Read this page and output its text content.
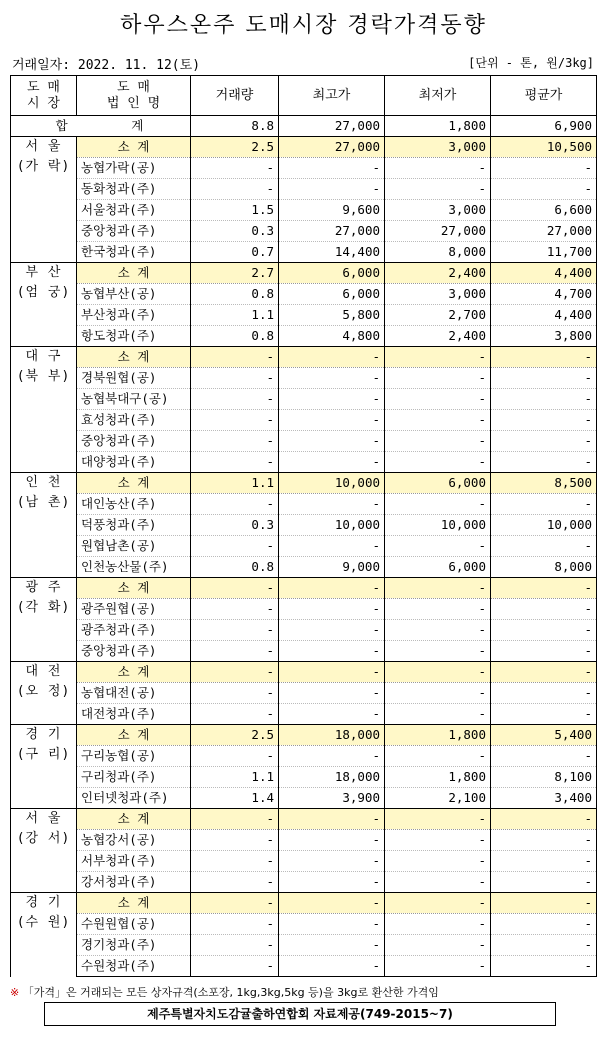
하우스온주 도매시장 경락가격동향
거래일자: 2022. 11. 12(토)	[단위 - 톤, 원/3kg]
도 매
시 장	도 매
법 인 명	거래량	최고가	최저가	평균가
합 계		8.8	27,000	1,800	6,900
서 울
(가 락)	소 계	2.5	27,000	3,000	10,500
	농협가락(공)	-	-	-	-
	동화청과(주)	-	-	-	-
	서울청과(주)	1.5	9,600	3,000	6,600
	중앙청과(주)	0.3	27,000	27,000	27,000
	한국청과(주)	0.7	14,400	8,000	11,700
부 산
(엄 궁)	소 계	2.7	6,000	2,400	4,400
	농협부산(공)	0.8	6,000	3,000	4,700
	부산청과(주)	1.1	5,800	2,700	4,400
	항도청과(주)	0.8	4,800	2,400	3,800
대 구
(북 부)	소 계	-	-	-	-
	경북원협(공)	-	-	-	-
	농협북대구(공)	-	-	-	-
	효성청과(주)	-	-	-	-
	중앙청과(주)	-	-	-	-
	대양청과(주)	-	-	-	-
인 천
(남 촌)	소 계	1.1	10,000	6,000	8,500
	대인농산(주)	-	-	-	-
	덕풍청과(주)	0.3	10,000	10,000	10,000
	원협남촌(공)	-	-	-	-
	인천농산물(주)	0.8	9,000	6,000	8,000
광 주
(각 화)	소 계	-	-	-	-
	광주원협(공)	-	-	-	-
	광주청과(주)	-	-	-	-
	중앙청과(주)	-	-	-	-
대 전
(오 정)	소 계	-	-	-	-
	농협대전(공)	-	-	-	-
	대전청과(주)	-	-	-	-
경 기
(구 리)	소 계	2.5	18,000	1,800	5,400
	구리농협(공)	-	-	-	-
	구리청과(주)	1.1	18,000	1,800	8,100
	인터넷청과(주)	1.4	3,900	2,100	3,400
서 울
(강 서)	소 계	-	-	-	-
	농협강서(공)	-	-	-	-
	서부청과(주)	-	-	-	-
	강서청과(주)	-	-	-	-
경 기
(수 원)	소 계	-	-	-	-
	수원원협(공)	-	-	-	-
	경기청과(주)	-	-	-	-
	수원청과(주)	-	-	-	-
※ 「가격」은 거래되는 모든 상자규격(소포장, 1kg,3kg,5kg 등)을 3kg로 환산한 가격임
제주특별자치도감귤출하연합회 자료제공(749-2015~7)
